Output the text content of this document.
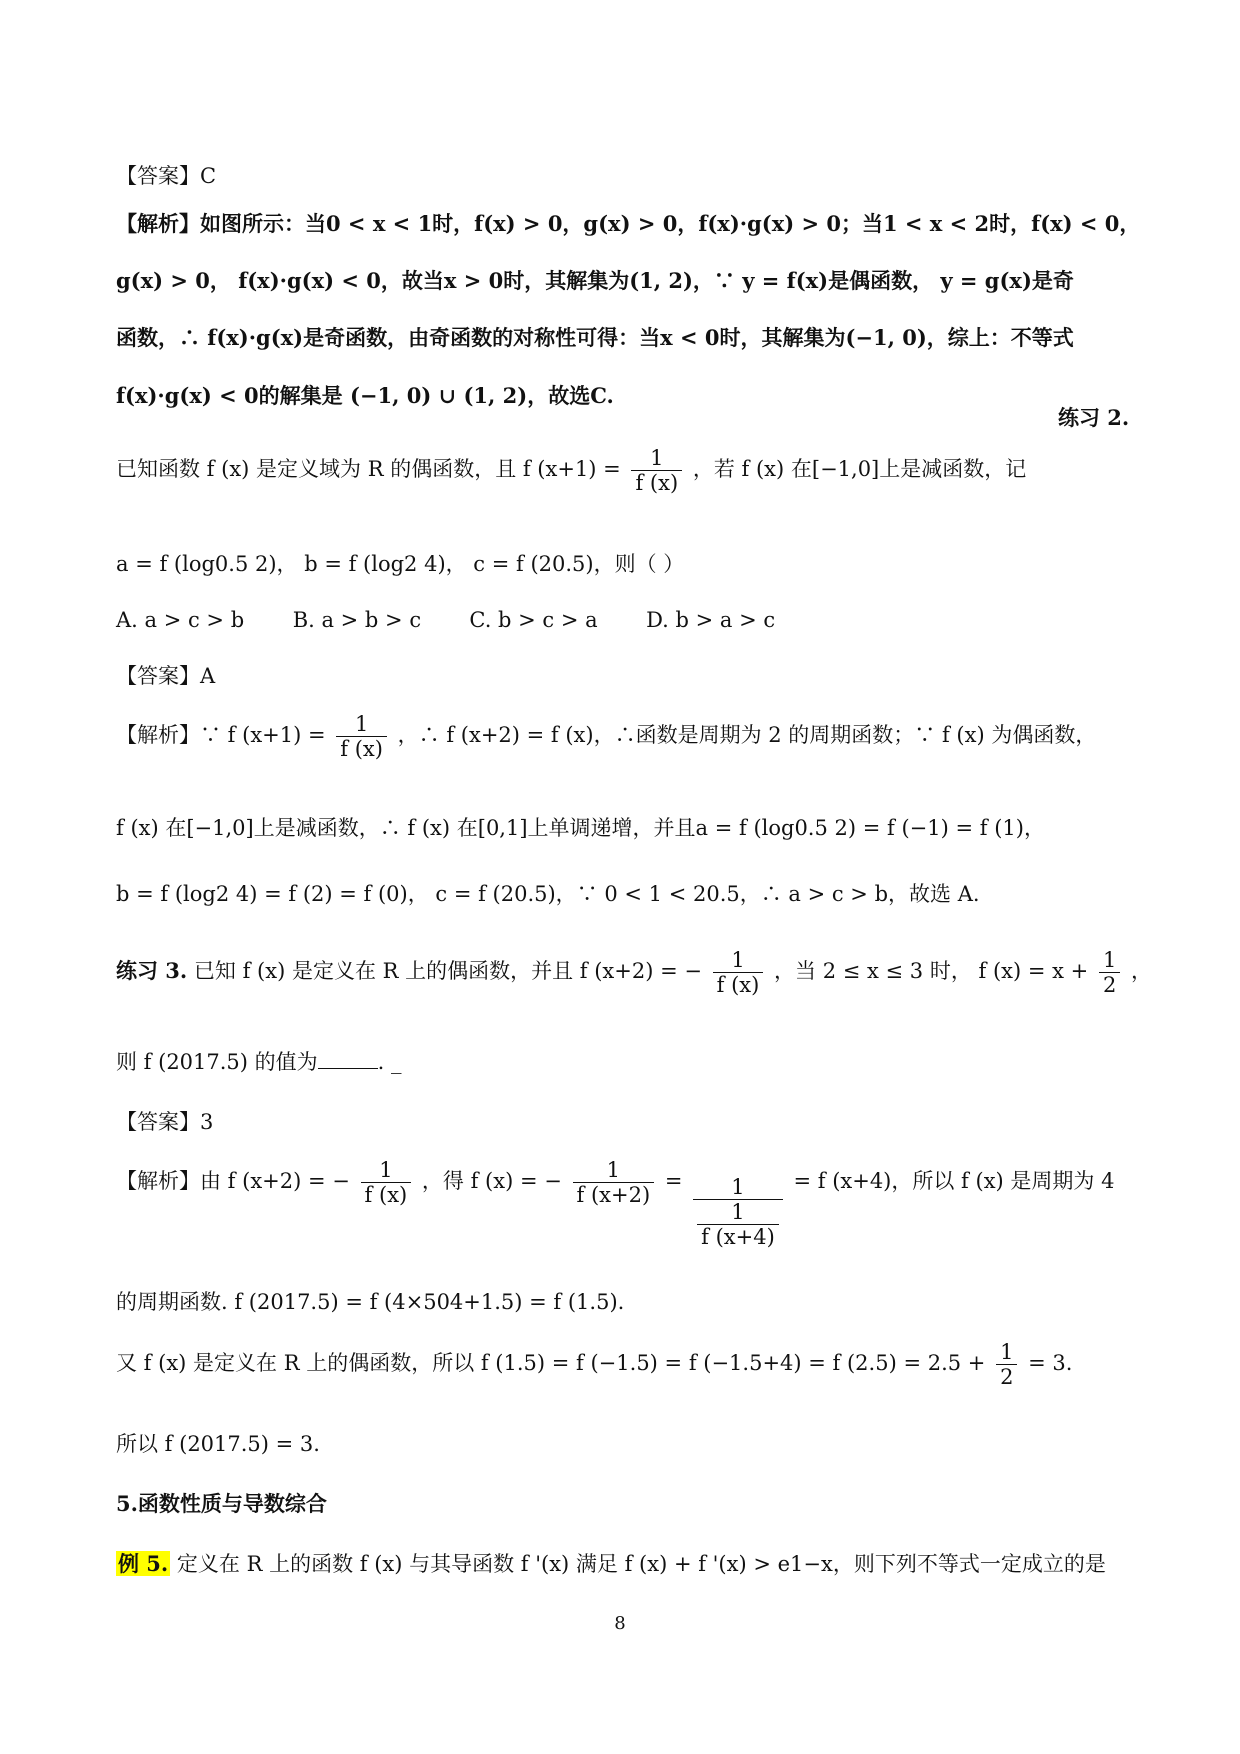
【答案】C
【解析】如图所示：当0 < x < 1时，f(x) > 0，g(x) > 0，f(x)·g(x) > 0；当1 < x < 2时，f(x) < 0，
g(x) > 0， f(x)·g(x) < 0，故当x > 0时，其解集为(1, 2)，∵ y = f(x)是偶函数， y = g(x)是奇
函数，∴ f(x)·g(x)是奇函数，由奇函数的对称性可得：当x < 0时，其解集为(−1, 0)，综上：不等式
f(x)·g(x) < 0的解集是 (−1, 0) ∪ (1, 2)，故选C.
练习 2.
已知函数 f (x) 是定义域为 R 的偶函数，且 f $(x+1) = \frac{1}{f (x)}$ ，若 f (x) 在[−1,0]上是减函数，记
a = f (log0.5 2)， b = f (log2 4)， c = f (20.5)，则（ ）
A. a > c > b B. a > b > c C. b > c > a D. b > a > c
【答案】A
【解析】∵ f $(x+1) = \frac{1}{f (x)}$ ，∴ f (x+2) = f (x)，∴函数是周期为 2 的周期函数；∵ f (x) 为偶函数，
f (x) 在[−1,0]上是减函数，∴ f (x) 在[0,1]上单调递增，并且a = f (log0.5 2) = f (−1) = f (1)，
b = f (log2 4) = f (2) = f (0)， c = f (20.5)，∵ 0 < 1 < 20.5，∴ a > c > b，故选 A.
练习 3. 已知 f (x) 是定义在 R 上的偶函数，并且 f (x+2) = − $\frac{1}{f (x)}$ ，当 2 ≤ x ≤ 3 时， f $(x) = x + \frac{1}{2}$ ，
则 f (2017.5) 的值为	. _
【答案】3
【解析】由 f (x+2) = − $\frac{1}{f (x)}$ ，得 f (x) = − $\frac{1}{f (x+2)} = \frac{1}{\frac{1}{f (x+4)}} = f$ (x+4)，所以 f (x) 是周期为 4
的周期函数. f (2017.5) = f (4×504+1.5) = f (1.5).
又 f (x) 是定义在 R 上的偶函数，所以 f (1.5) = f (−1.5) = f (−1.5+4) = f $(2.5) = 2.5 + \frac{1}{2} = 3$.
所以 f (2017.5) = 3.
5.函数性质与导数综合
例 5. 定义在 R 上的函数 f (x) 与其导函数 f '(x) 满足 f (x) + f '(x) > e1−x，则下列不等式一定成立的是
8
